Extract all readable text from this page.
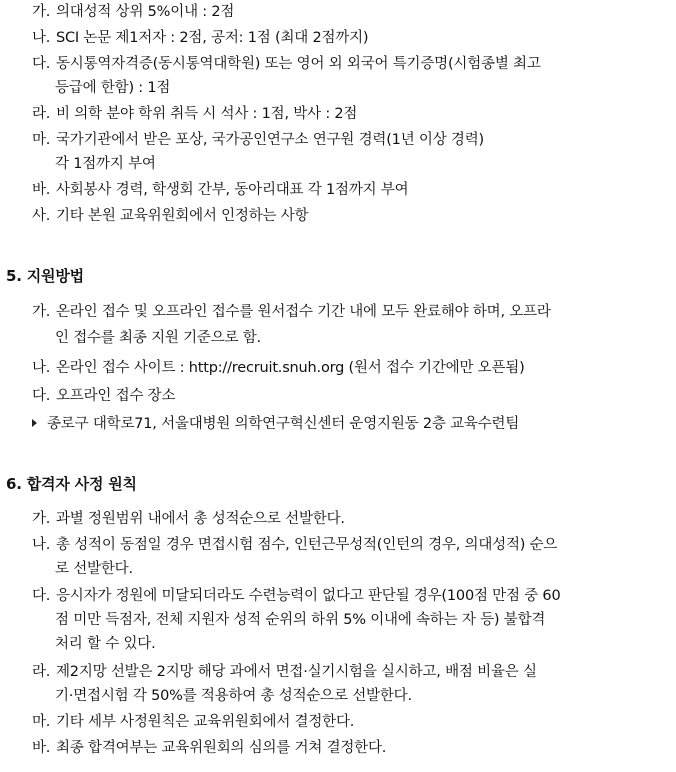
가. 의대성적 상위 5%이내 : 2점
나. SCI 논문 제1저자 : 2점, 공저: 1점 (최대 2점까지)
다. 동시통역자격증(동시통역대학원) 또는 영어 외 외국어 특기증명(시험종별 최고
등급에 한함) : 1점
라. 비 의학 분야 학위 취득 시 석사 : 1점, 박사 : 2점
마. 국가기관에서 받은 포상, 국가공인연구소 연구원 경력(1년 이상 경력)
각 1점까지 부여
바. 사회봉사 경력, 학생회 간부, 동아리대표 각 1점까지 부여
사. 기타 본원 교육위원회에서 인정하는 사항
5. 지원방법
가. 온라인 접수 및 오프라인 접수를 원서접수 기간 내에 모두 완료해야 하며, 오프라
인 접수를 최종 지원 기준으로 함.
나. 온라인 접수 사이트 : http://recruit.snuh.org (원서 접수 기간에만 오픈됨)
다. 오프라인 접수 장소
종로구 대학로71, 서울대병원 의학연구혁신센터 운영지원동 2층 교육수련팀
6. 합격자 사정 원칙
가. 과별 정원범위 내에서 총 성적순으로 선발한다.
나. 총 성적이 동점일 경우 면접시험 점수, 인턴근무성적(인턴의 경우, 의대성적) 순으
로 선발한다.
다. 응시자가 정원에 미달되더라도 수련능력이 없다고 판단될 경우(100점 만점 중 60
점 미만 득점자, 전체 지원자 성적 순위의 하위 5% 이내에 속하는 자 등) 불합격
처리 할 수 있다.
라. 제2지망 선발은 2지망 해당 과에서 면접·실기시험을 실시하고, 배점 비율은 실
기·면접시험 각 50%를 적용하여 총 성적순으로 선발한다.
마. 기타 세부 사정원칙은 교육위원회에서 결정한다.
바. 최종 합격여부는 교육위원회의 심의를 거쳐 결정한다.
